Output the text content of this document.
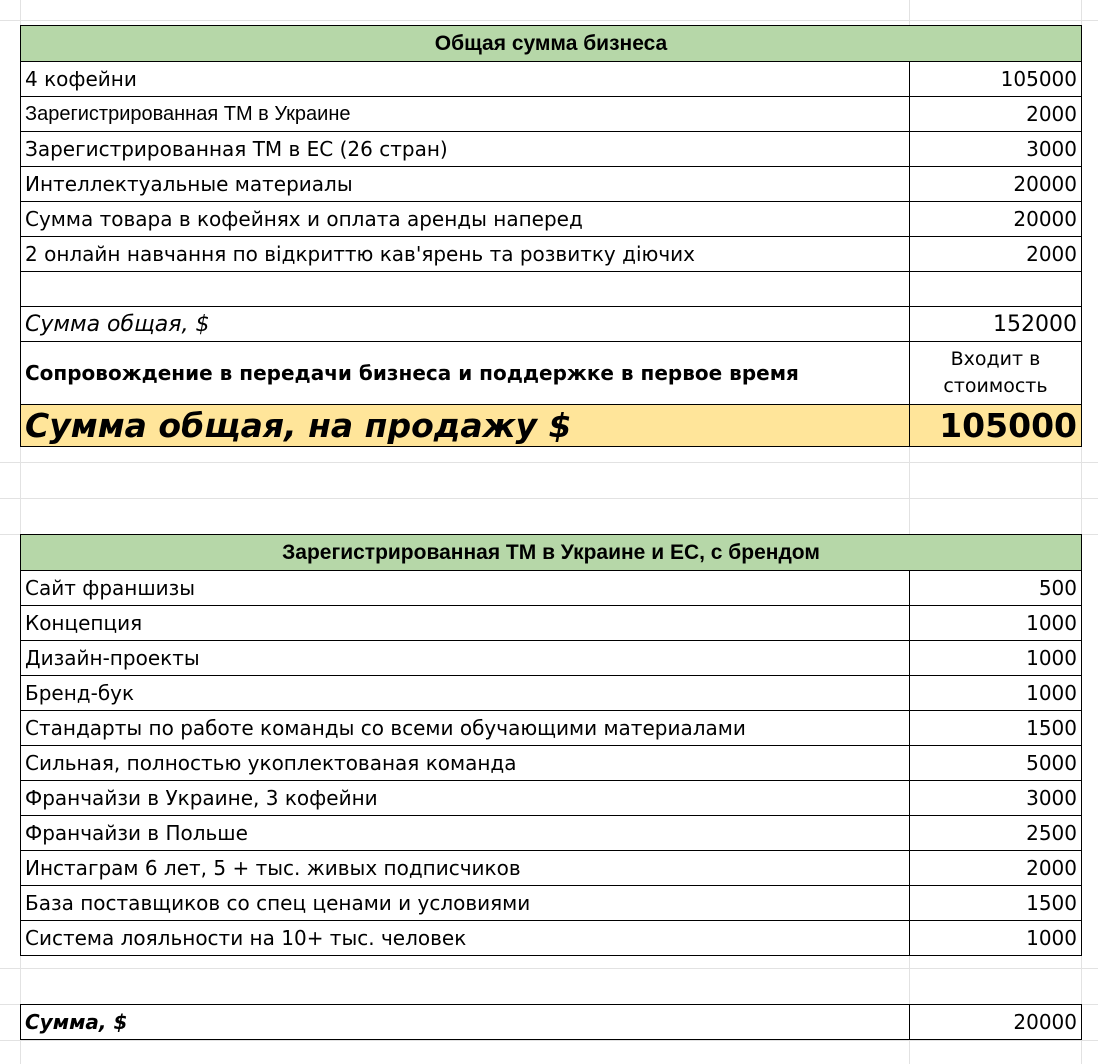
Общая сумма бизнеса	
4 кофейни	105000
Зарегистрированная ТМ в Украине	2000
Зарегистрированная ТМ в ЕС (26 стран)	3000
Интеллектуальные материалы	20000
Сумма товара в кофейнях и оплата аренды наперед	20000
2 онлайн навчання по відкриттю кав'ярень та розвитку діючих	2000

Сумма общая, $	152000
Сопровождение в передачи бизнеса и поддержке в первое время	Входит в стоимость
Сумма общая, на продажу $	105000
Зарегистрированная ТМ в Украине и ЕС, с брендом	
Сайт франшизы	500
Концепция	1000
Дизайн-проекты	1000
Бренд-бук	1000
Стандарты по работе команды со всеми обучающими материалами	1500
Сильная, полностью укоплектованая команда	5000
Франчайзи в Украине, 3 кофейни	3000
Франчайзи в Польше	2500
Инстаграм 6 лет, 5 + тыс. живых подписчиков	2000
База поставщиков со спец ценами и условиями	1500
Система лояльности на 10+ тыс. человек	1000
Сумма, $	20000
